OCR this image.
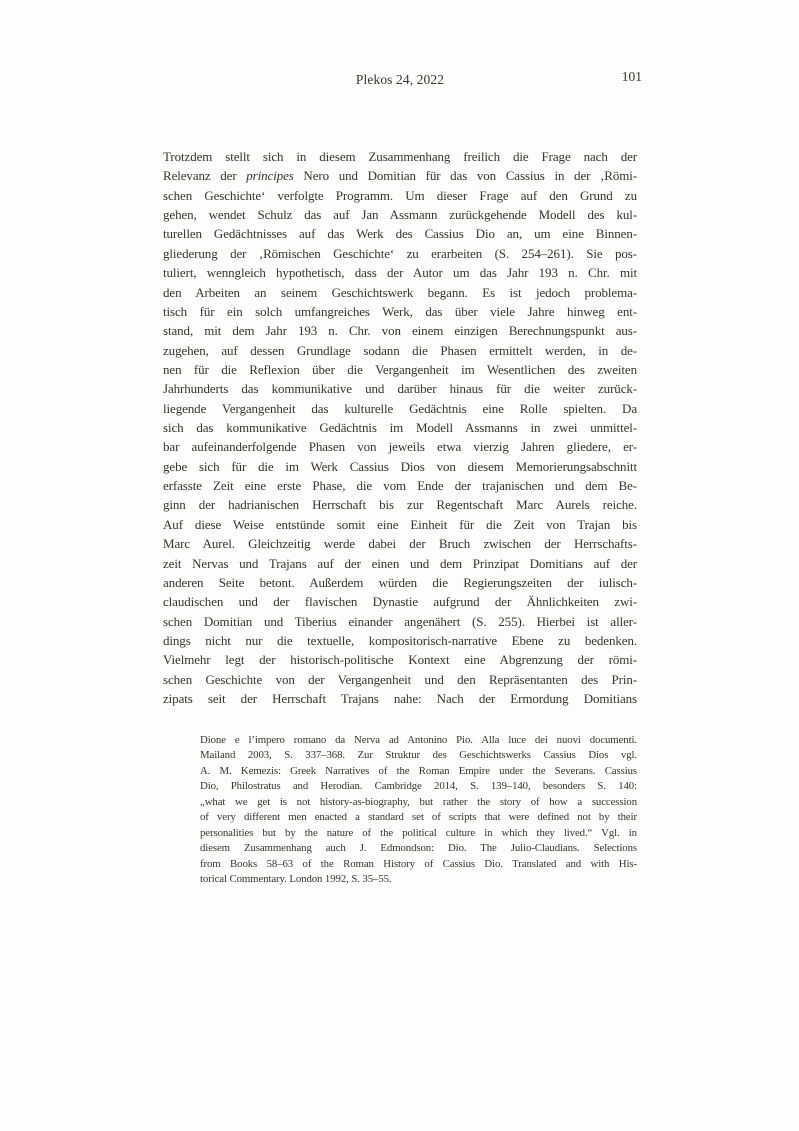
Plekos 24, 2022	101
Trotzdem stellt sich in diesem Zusammenhang freilich die Frage nach der
Relevanz der principes Nero und Domitian für das von Cassius in der ‚Römi-
schen Geschichte‘ verfolgte Programm. Um dieser Frage auf den Grund zu
gehen, wendet Schulz das auf Jan Assmann zurückgehende Modell des kul-
turellen Gedächtnisses auf das Werk des Cassius Dio an, um eine Binnen-
gliederung der ‚Römischen Geschichte‘ zu erarbeiten (S. 254–261). Sie pos-
tuliert, wenngleich hypothetisch, dass der Autor um das Jahr 193 n. Chr. mit
den Arbeiten an seinem Geschichtswerk begann. Es ist jedoch problema-
tisch für ein solch umfangreiches Werk, das über viele Jahre hinweg ent-
stand, mit dem Jahr 193 n. Chr. von einem einzigen Berechnungspunkt aus-
zugehen, auf dessen Grundlage sodann die Phasen ermittelt werden, in de-
nen für die Reflexion über die Vergangenheit im Wesentlichen des zweiten
Jahrhunderts das kommunikative und darüber hinaus für die weiter zurück-
liegende Vergangenheit das kulturelle Gedächtnis eine Rolle spielten. Da
sich das kommunikative Gedächtnis im Modell Assmanns in zwei unmittel-
bar aufeinanderfolgende Phasen von jeweils etwa vierzig Jahren gliedere, er-
gebe sich für die im Werk Cassius Dios von diesem Memorierungsabschnitt
erfasste Zeit eine erste Phase, die vom Ende der trajanischen und dem Be-
ginn der hadrianischen Herrschaft bis zur Regentschaft Marc Aurels reiche.
Auf diese Weise entstünde somit eine Einheit für die Zeit von Trajan bis
Marc Aurel. Gleichzeitig werde dabei der Bruch zwischen der Herrschafts-
zeit Nervas und Trajans auf der einen und dem Prinzipat Domitians auf der
anderen Seite betont. Außerdem würden die Regierungszeiten der iulisch-
claudischen und der flavischen Dynastie aufgrund der Ähnlichkeiten zwi-
schen Domitian und Tiberius einander angenähert (S. 255). Hierbei ist aller-
dings nicht nur die textuelle, kompositorisch-narrative Ebene zu bedenken.
Vielmehr legt der historisch-politische Kontext eine Abgrenzung der römi-
schen Geschichte von der Vergangenheit und den Repräsentanten des Prin-
zipats seit der Herrschaft Trajans nahe: Nach der Ermordung Domitians
Dione e l’impero romano da Nerva ad Antonino Pio. Alla luce dei nuovi documenti.
Mailand 2003, S. 337–368. Zur Struktur des Geschichtswerks Cassius Dios vgl.
A. M. Kemezis: Greek Narratives of the Roman Empire under the Severans. Cassius
Dio, Philostratus and Herodian. Cambridge 2014, S. 139–140, besonders S. 140:
„what we get is not history-as-biography, but rather the story of how a succession
of very different men enacted a standard set of scripts that were defined not by their
personalities but by the nature of the political culture in which they lived.“ Vgl. in
diesem Zusammenhang auch J. Edmondson: Dio. The Julio-Claudians. Selections
from Books 58–63 of the Roman History of Cassius Dio. Translated and with His-
torical Commentary. London 1992, S. 35–55.
